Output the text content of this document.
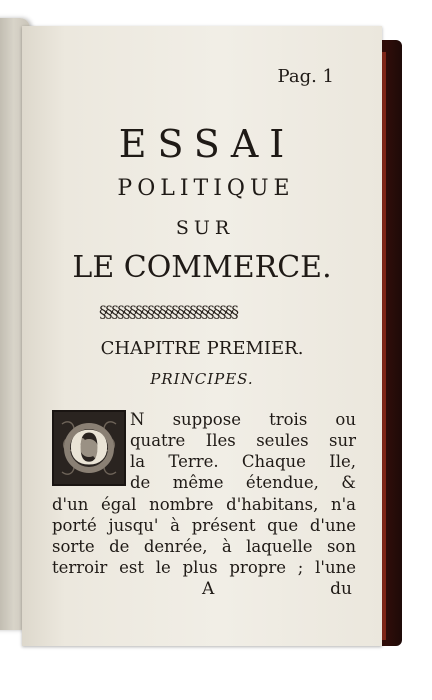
Pag. 1
ESSAI
POLITIQUE
SUR
LE COMMERCE.
§§§§§§§§§§§§§§§§§§§§§§§
CHAPITRE PREMIER.
PRINCIPES.
O
N suppose trois ou
quatre Iles seules sur
la Terre. Chaque Ile,
de même étendue, &
d'un égal nombre d'habitans, n'a
porté jusqu' à présent que d'une
sorte de denrée, à laquelle son
terroir est le plus propre ; l'une
A	du
